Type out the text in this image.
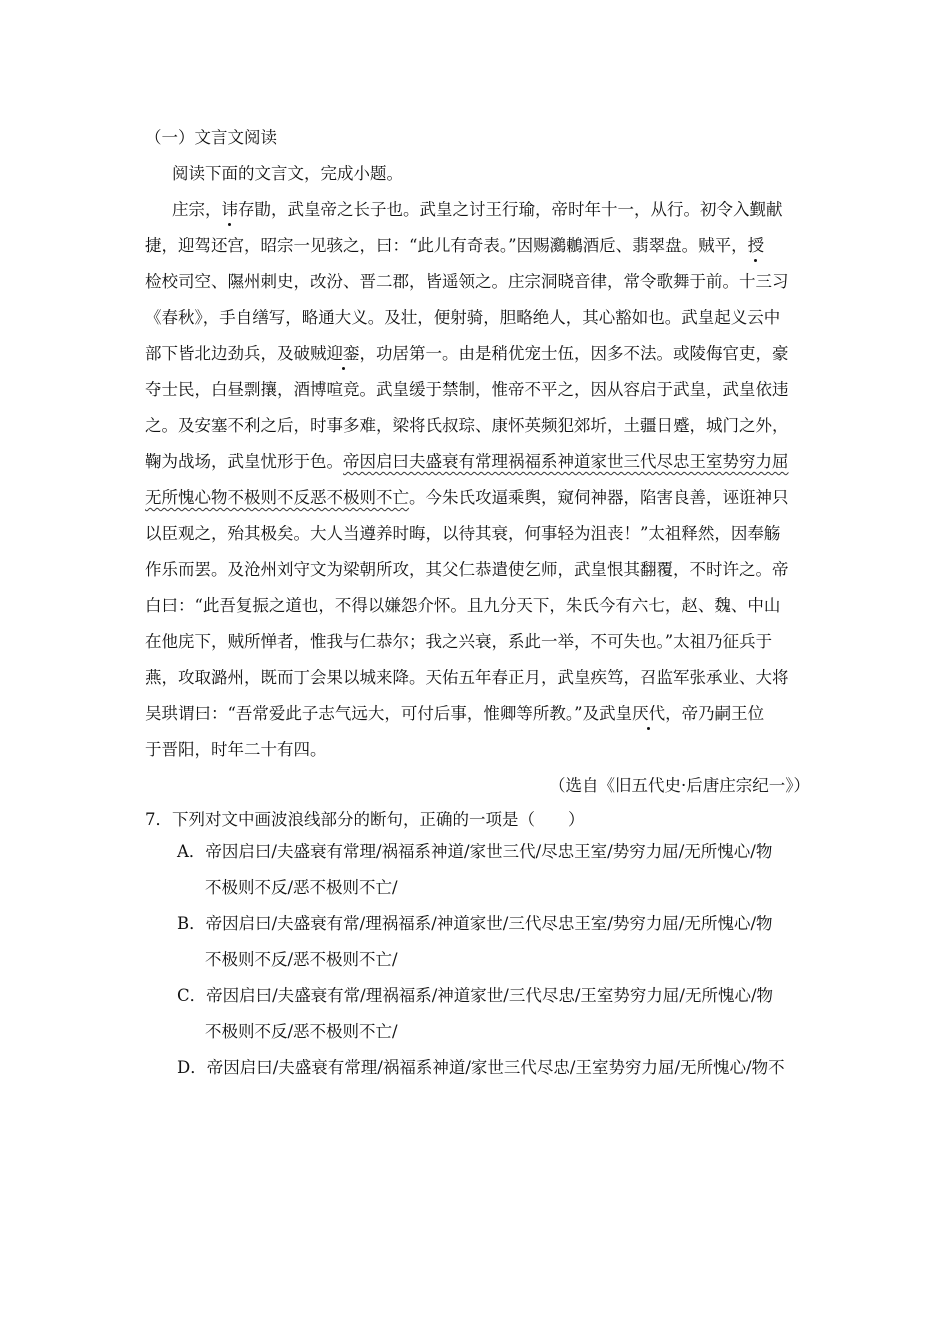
（一）文言文阅读
阅读下面的文言文，完成小题。
庄宗，讳存勖，武皇帝之长子也。武皇之讨王行瑜，帝时年十一，从行。初令入觐献
捷，迎驾还宫，昭宗一见骇之，曰：“此儿有奇表。”因赐鸂鶒酒卮、翡翠盘。贼平，授
检校司空、隰州刺史，改汾、晋二郡，皆遥领之。庄宗洞晓音律，常令歌舞于前。十三习
《春秋》，手自缮写，略通大义。及壮，便射骑，胆略绝人，其心豁如也。武皇起义云中
部下皆北边劲兵，及破贼迎銮，功居第一。由是稍优宠士伍，因多不法。或陵侮官吏，豪
夺士民，白昼剽攘，酒博喧竞。武皇缓于禁制，惟帝不平之，因从容启于武皇，武皇依违
之。及安塞不利之后，时事多难，梁将氏叔琮、康怀英频犯郊圻，土疆日蹙，城门之外，
鞠为战场，武皇忧形于色。帝因启曰夫盛衰有常理祸福系神道家世三代尽忠王室势穷力屈
无所愧心物不极则不反恶不极则不亡。今朱氏攻逼乘舆，窥伺神器，陷害良善，诬诳神只
以臣观之，殆其极矣。大人当遵养时晦，以待其衰，何事轻为沮丧！”太祖释然，因奉觞
作乐而罢。及沧州刘守文为梁朝所攻，其父仁恭遣使乞师，武皇恨其翻覆，不时许之。帝
白曰：“此吾复振之道也，不得以嫌怨介怀。且九分天下，朱氏今有六七，赵、魏、中山
在他庑下，贼所惮者，惟我与仁恭尔；我之兴衰，系此一举，不可失也。”太祖乃征兵于
燕，攻取潞州，既而丁会果以城来降。天佑五年春正月，武皇疾笃，召监军张承业、大将
吴珙谓曰：“吾常爱此子志气远大，可付后事，惟卿等所教。”及武皇厌代，帝乃嗣王位
于晋阳，时年二十有四。
（选自《旧五代史·后唐庄宗纪一》）
7．下列对文中画波浪线部分的断句，正确的一项是（　　）
A．帝因启曰/夫盛衰有常理/祸福系神道/家世三代/尽忠王室/势穷力屈/无所愧心/物
不极则不反/恶不极则不亡/
B．帝因启曰/夫盛衰有常/理祸福系/神道家世/三代尽忠王室/势穷力屈/无所愧心/物
不极则不反/恶不极则不亡/
C．帝因启曰/夫盛衰有常/理祸福系/神道家世/三代尽忠/王室势穷力屈/无所愧心/物
不极则不反/恶不极则不亡/
D．帝因启曰/夫盛衰有常理/祸福系神道/家世三代尽忠/王室势穷力屈/无所愧心/物不
